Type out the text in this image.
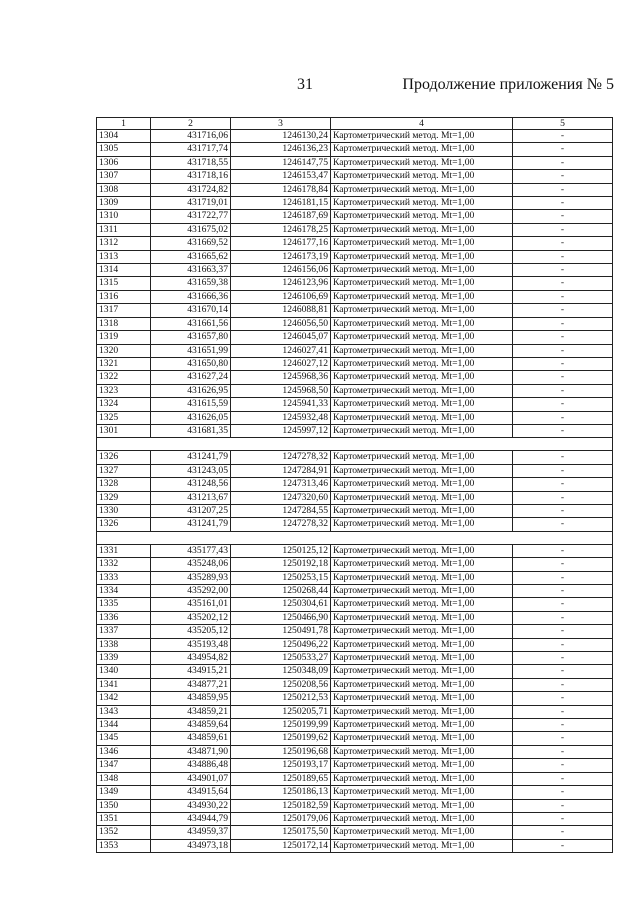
31	Продолжение приложения № 5
1	2	3	4	5
1304	431716,06	1246130,24	Картометрический метод. Mt=1,00	-
1305	431717,74	1246136,23	Картометрический метод. Mt=1,00	-
1306	431718,55	1246147,75	Картометрический метод. Mt=1,00	-
1307	431718,16	1246153,47	Картометрический метод. Mt=1,00	-
1308	431724,82	1246178,84	Картометрический метод. Mt=1,00	-
1309	431719,01	1246181,15	Картометрический метод. Mt=1,00	-
1310	431722,77	1246187,69	Картометрический метод. Mt=1,00	-
1311	431675,02	1246178,25	Картометрический метод. Mt=1,00	-
1312	431669,52	1246177,16	Картометрический метод. Mt=1,00	-
1313	431665,62	1246173,19	Картометрический метод. Mt=1,00	-
1314	431663,37	1246156,06	Картометрический метод. Mt=1,00	-
1315	431659,38	1246123,96	Картометрический метод. Mt=1,00	-
1316	431666,36	1246106,69	Картометрический метод. Mt=1,00	-
1317	431670,14	1246088,81	Картометрический метод. Mt=1,00	-
1318	431661,56	1246056,50	Картометрический метод. Mt=1,00	-
1319	431657,80	1246045,07	Картометрический метод. Mt=1,00	-
1320	431651,99	1246027,41	Картометрический метод. Mt=1,00	-
1321	431650,80	1246027,12	Картометрический метод. Mt=1,00	-
1322	431627,24	1245968,36	Картометрический метод. Mt=1,00	-
1323	431626,95	1245968,50	Картометрический метод. Mt=1,00	-
1324	431615,59	1245941,33	Картометрический метод. Mt=1,00	-
1325	431626,05	1245932,48	Картометрический метод. Mt=1,00	-
1301	431681,35	1245997,12	Картометрический метод. Mt=1,00	-

1326	431241,79	1247278,32	Картометрический метод. Mt=1,00	-
1327	431243,05	1247284,91	Картометрический метод. Mt=1,00	-
1328	431248,56	1247313,46	Картометрический метод. Mt=1,00	-
1329	431213,67	1247320,60	Картометрический метод. Mt=1,00	-
1330	431207,25	1247284,55	Картометрический метод. Mt=1,00	-
1326	431241,79	1247278,32	Картометрический метод. Mt=1,00	-

1331	435177,43	1250125,12	Картометрический метод. Mt=1,00	-
1332	435248,06	1250192,18	Картометрический метод. Mt=1,00	-
1333	435289,93	1250253,15	Картометрический метод. Mt=1,00	-
1334	435292,00	1250268,44	Картометрический метод. Mt=1,00	-
1335	435161,01	1250304,61	Картометрический метод. Mt=1,00	-
1336	435202,12	1250466,90	Картометрический метод. Mt=1,00	-
1337	435205,12	1250491,78	Картометрический метод. Mt=1,00	-
1338	435193,48	1250496,22	Картометрический метод. Mt=1,00	-
1339	434954,82	1250533,27	Картометрический метод. Mt=1,00	-
1340	434915,21	1250348,09	Картометрический метод. Mt=1,00	-
1341	434877,21	1250208,56	Картометрический метод. Mt=1,00	-
1342	434859,95	1250212,53	Картометрический метод. Mt=1,00	-
1343	434859,21	1250205,71	Картометрический метод. Mt=1,00	-
1344	434859,64	1250199,99	Картометрический метод. Mt=1,00	-
1345	434859,61	1250199,62	Картометрический метод. Mt=1,00	-
1346	434871,90	1250196,68	Картометрический метод. Mt=1,00	-
1347	434886,48	1250193,17	Картометрический метод. Mt=1,00	-
1348	434901,07	1250189,65	Картометрический метод. Mt=1,00	-
1349	434915,64	1250186,13	Картометрический метод. Mt=1,00	-
1350	434930,22	1250182,59	Картометрический метод. Mt=1,00	-
1351	434944,79	1250179,06	Картометрический метод. Mt=1,00	-
1352	434959,37	1250175,50	Картометрический метод. Mt=1,00	-
1353	434973,18	1250172,14	Картометрический метод. Mt=1,00	-
